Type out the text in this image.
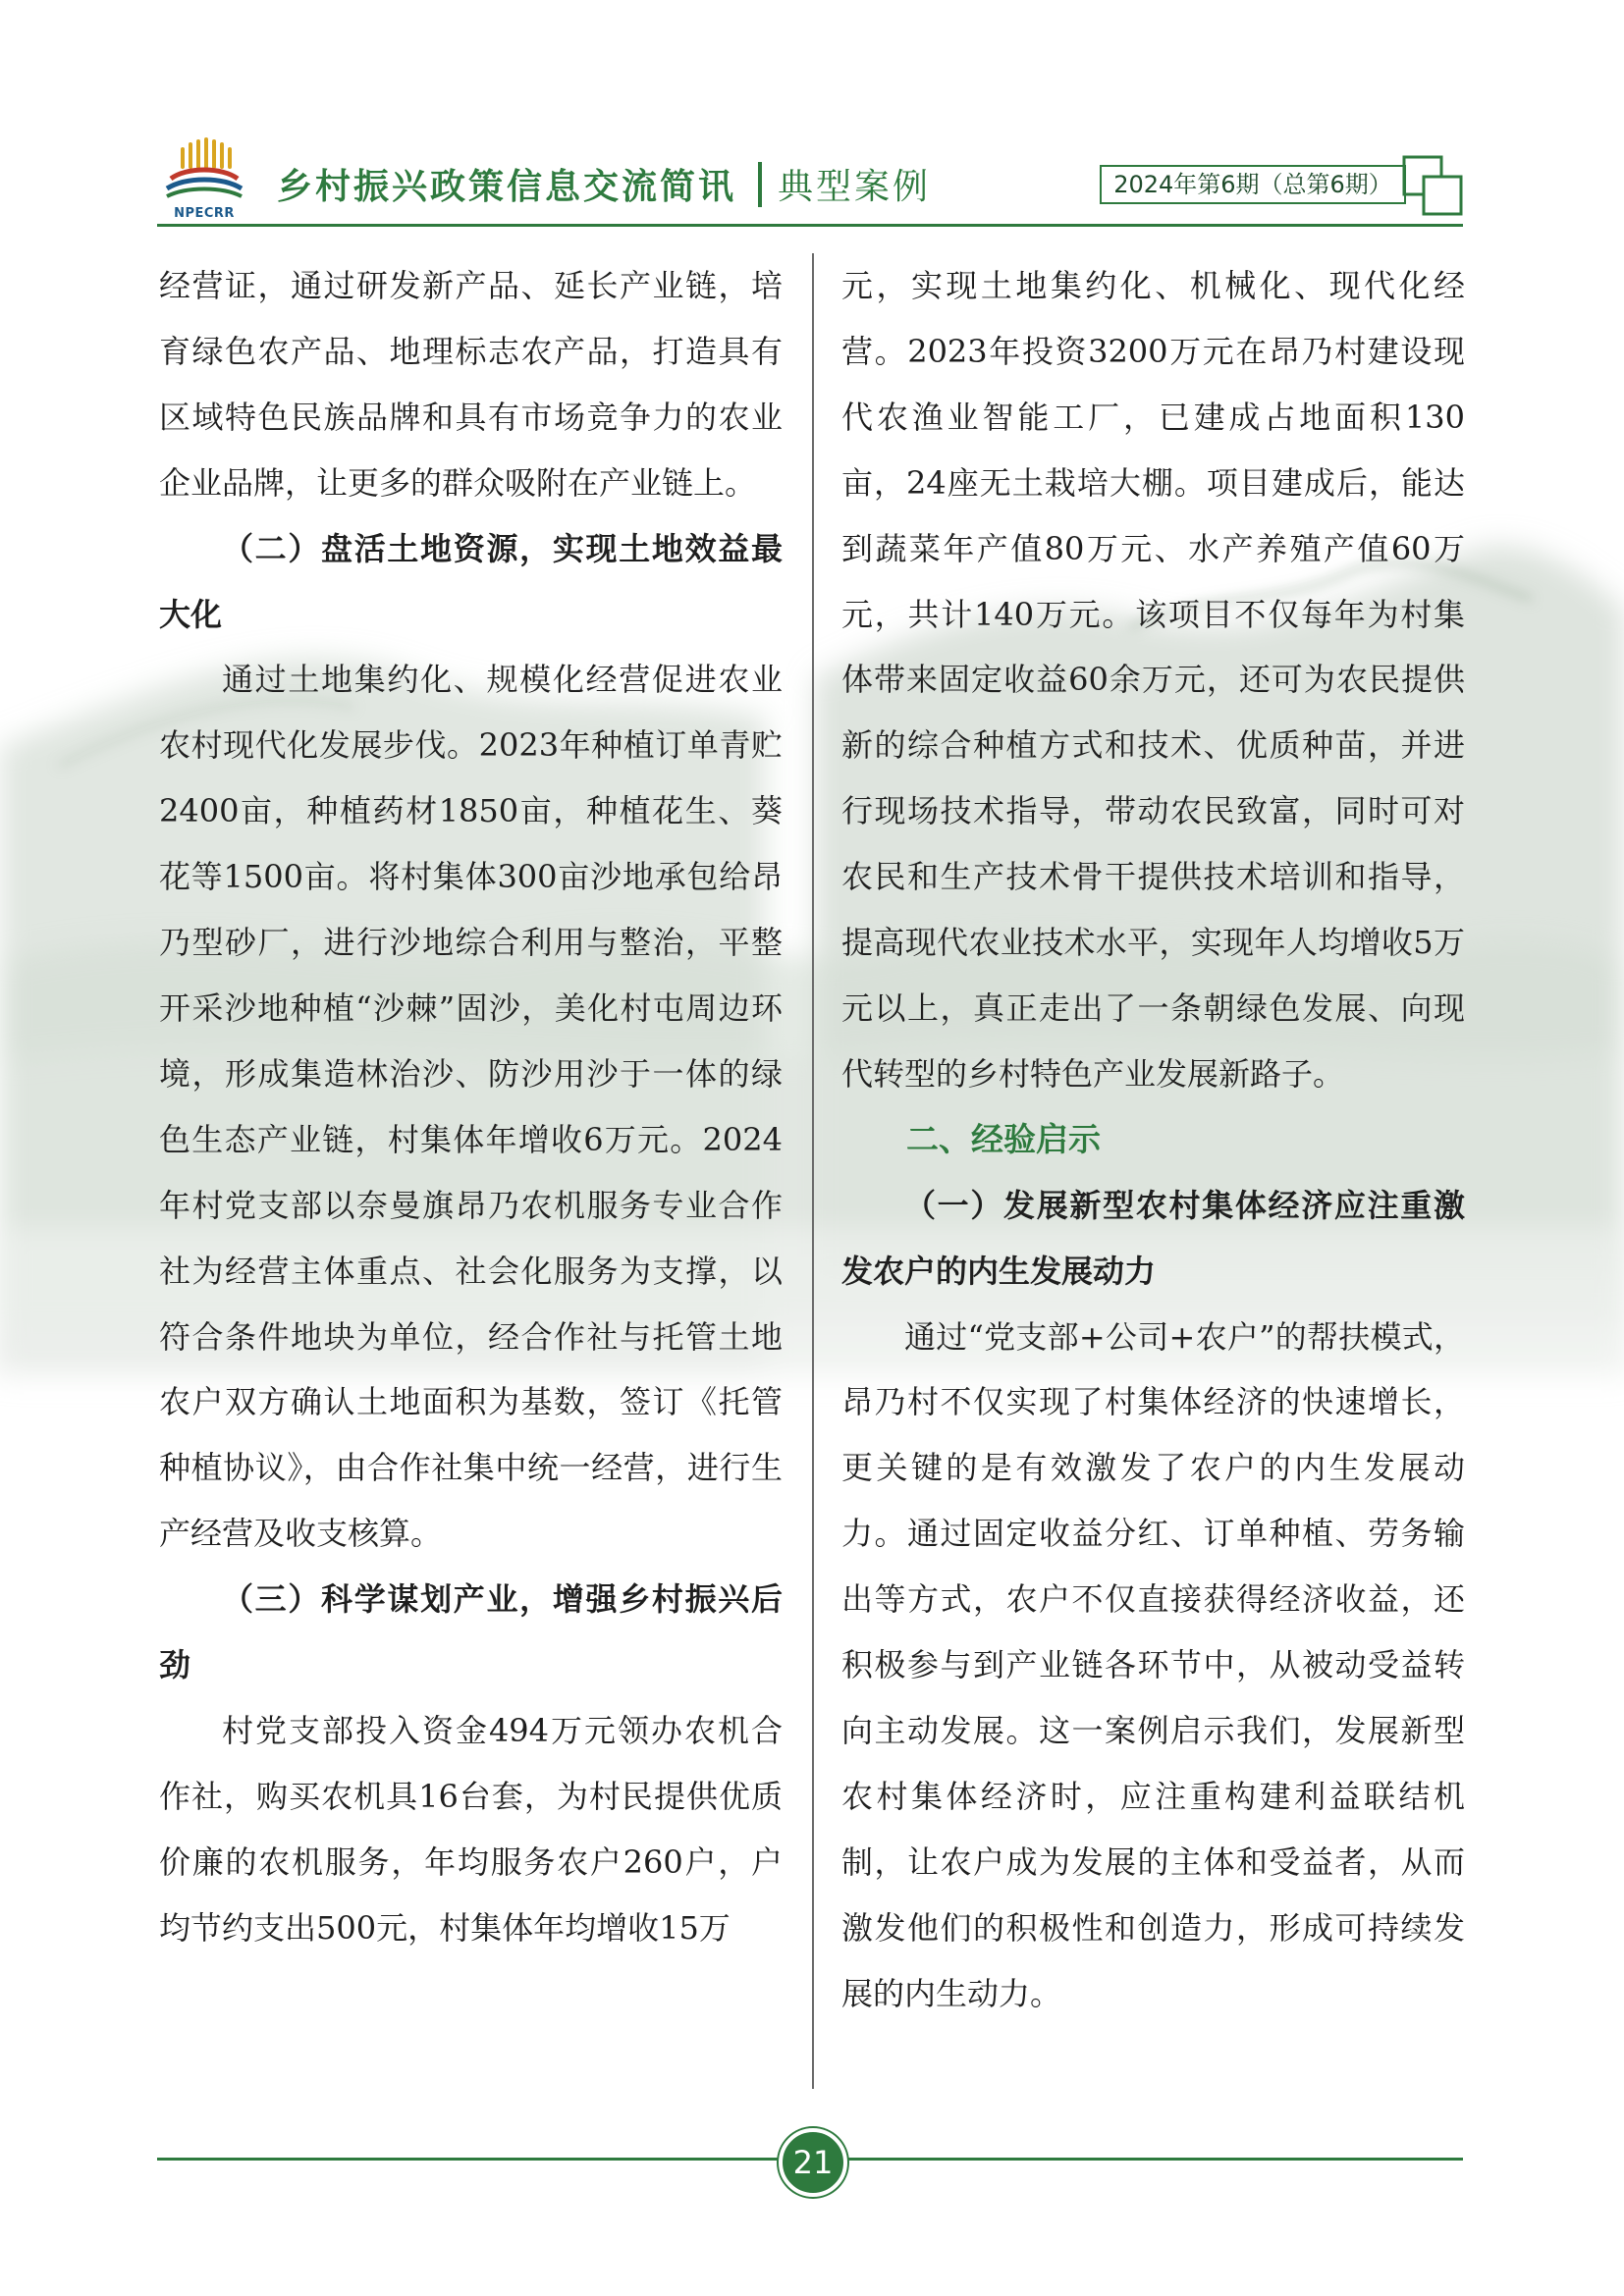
NPECRR
乡村振兴政策信息交流简讯 典型案例	2024年第6期（总第6期）

经营证，通过研发新产品、延长产业链，培育绿色农产品、地理标志农产品，打造具有区域特色民族品牌和具有市场竞争力的农业企业品牌，让更多的群众吸附在产业链上。

（二）盘活土地资源，实现土地效益最大化

通过土地集约化、规模化经营促进农业农村现代化发展步伐。2023年种植订单青贮2400亩，种植药材1850亩，种植花生、葵花等1500亩。将村集体300亩沙地承包给昂乃型砂厂，进行沙地综合利用与整治，平整开采沙地种植“沙棘”固沙，美化村屯周边环境，形成集造林治沙、防沙用沙于一体的绿色生态产业链，村集体年增收6万元。2024年村党支部以奈曼旗昂乃农机服务专业合作社为经营主体重点、社会化服务为支撑，以符合条件地块为单位，经合作社与托管土地农户双方确认土地面积为基数，签订《托管种植协议》，由合作社集中统一经营，进行生产经营及收支核算。

（三）科学谋划产业，增强乡村振兴后劲

村党支部投入资金494万元领办农机合作社，购买农机具16台套，为村民提供优质价廉的农机服务，年均服务农户260户，户均节约支出500元，村集体年均增收15万

元，实现土地集约化、机械化、现代化经营。2023年投资3200万元在昂乃村建设现代农渔业智能工厂，已建成占地面积130亩，24座无土栽培大棚。项目建成后，能达到蔬菜年产值80万元、水产养殖产值60万元，共计140万元。该项目不仅每年为村集体带来固定收益60余万元，还可为农民提供新的综合种植方式和技术、优质种苗，并进行现场技术指导，带动农民致富，同时可对农民和生产技术骨干提供技术培训和指导，提高现代农业技术水平，实现年人均增收5万元以上，真正走出了一条朝绿色发展、向现代转型的乡村特色产业发展新路子。

二、经验启示
（一）发展新型农村集体经济应注重激发农户的内生发展动力

通过“党支部+公司+农户”的帮扶模式，昂乃村不仅实现了村集体经济的快速增长，更关键的是有效激发了农户的内生发展动力。通过固定收益分红、订单种植、劳务输出等方式，农户不仅直接获得经济收益，还积极参与到产业链各环节中，从被动受益转向主动发展。这一案例启示我们，发展新型农村集体经济时，应注重构建利益联结机制，让农户成为发展的主体和受益者，从而激发他们的积极性和创造力，形成可持续发展的内生动力。

21
